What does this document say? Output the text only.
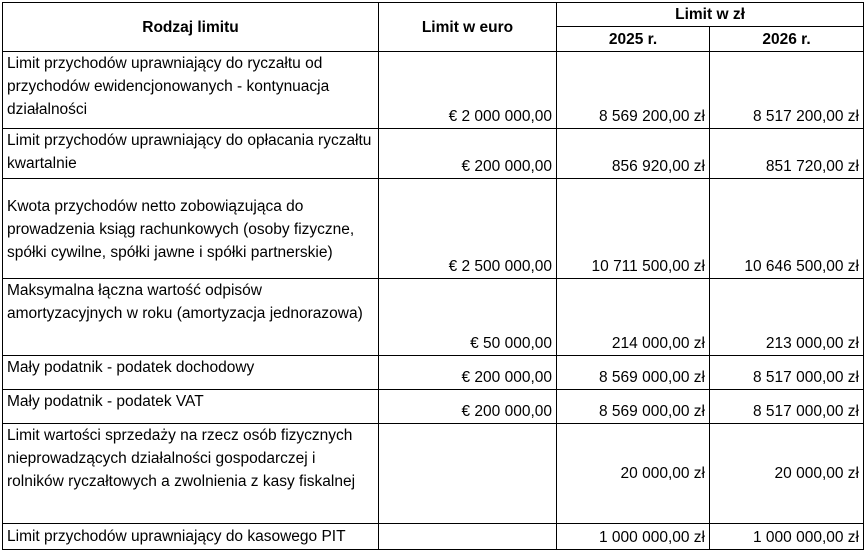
Rodzaj limitu	Limit w euro	Limit w zł	
		2025 r.	2026 r.
Limit przychodów uprawniający do ryczałtu od przychodów ewidencjonowanych - kontynuacja działalności	€ 2 000 000,00	8 569 200,00 zł	8 517 200,00 zł
Limit przychodów uprawniający do opłacania ryczałtu kwartalnie	€ 200 000,00	856 920,00 zł	851 720,00 zł
Kwota przychodów netto zobowiązująca do prowadzenia ksiąg rachunkowych (osoby fizyczne, spółki cywilne, spółki jawne i spółki partnerskie)	€ 2 500 000,00	10 711 500,00 zł	10 646 500,00 zł
Maksymalna łączna wartość odpisów amortyzacyjnych w roku (amortyzacja jednorazowa)	€ 50 000,00	214 000,00 zł	213 000,00 zł
Mały podatnik - podatek dochodowy	€ 200 000,00	8 569 000,00 zł	8 517 000,00 zł
Mały podatnik - podatek VAT	€ 200 000,00	8 569 000,00 zł	8 517 000,00 zł
Limit wartości sprzedaży na rzecz osób fizycznych nieprowadzących działalności gospodarczej i rolników ryczałtowych a zwolnienia z kasy fiskalnej		20 000,00 zł	20 000,00 zł
Limit przychodów uprawniający do kasowego PIT		1 000 000,00 zł	1 000 000,00 zł
